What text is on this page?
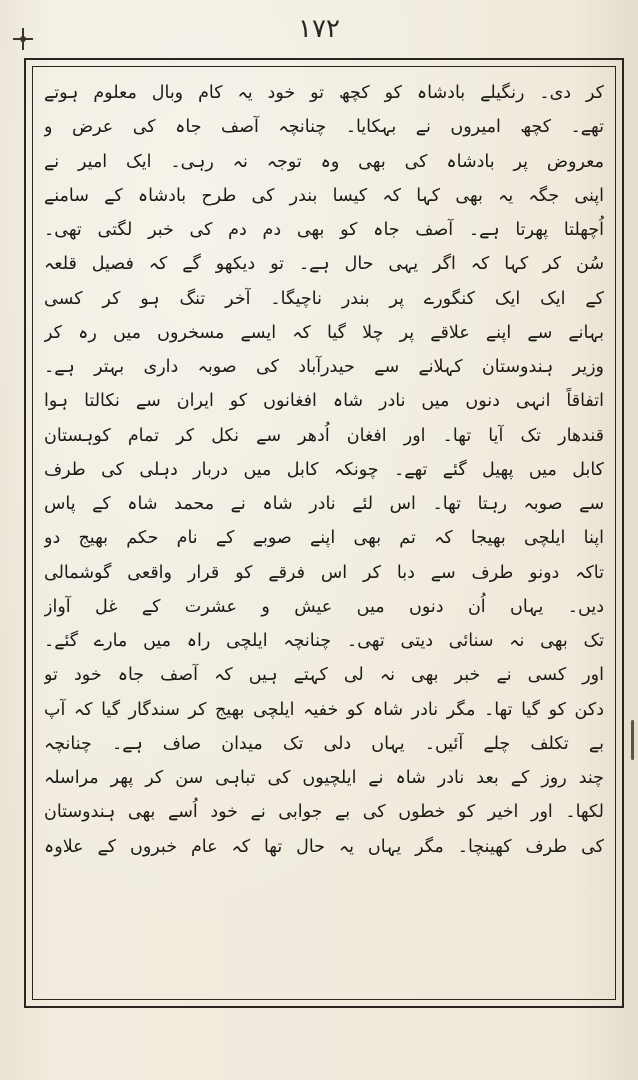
۱۷۲
کر دی۔ رنگیلے بادشاہ کو کچھ تو خود یہ کام وبال معلوم ہوتے
تھے۔ کچھ امیروں نے بہکایا۔ چنانچہ آصف جاہ کی عرض و
معروض پر بادشاہ کی بھی وہ توجہ نہ رہی۔ ایک امیر نے
اپنی جگہ یہ بھی کہا کہ کیسا بندر کی طرح بادشاہ کے سامنے
اُچھلتا پھرتا ہے۔ آصف جاہ کو بھی دم دم کی خبر لگتی تھی۔
سُن کر کہا کہ اگر یہی حال ہے۔ تو دیکھو گے کہ فصیل قلعہ
کے ایک ایک کنگورے پر بندر ناچیگا۔ آخر تنگ ہو کر کسی
بہانے سے اپنے علاقے پر چلا گیا کہ ایسے مسخروں میں رہ کر
وزیر ہندوستان کہلانے سے حیدرآباد کی صوبہ داری بہتر ہے۔
اتفاقاً انہی دنوں میں نادر شاہ افغانوں کو ایران سے نکالتا ہوا
قندھار تک آیا تھا۔ اور افغان اُدھر سے نکل کر تمام کوہستان
کابل میں پھیل گئے تھے۔ چونکہ کابل میں دربار دہلی کی طرف
سے صوبہ رہتا تھا۔ اس لئے نادر شاہ نے محمد شاہ کے پاس
اپنا ایلچی بھیجا کہ تم بھی اپنے صوبے کے نام حکم بھیج دو
تاکہ دونو طرف سے دبا کر اس فرقے کو قرار واقعی گوشمالی
دیں۔ یہاں اُن دنوں میں عیش و عشرت کے غل آواز
تک بھی نہ سنائی دیتی تھی۔ چنانچہ ایلچی راہ میں مارے گئے۔
اور کسی نے خبر بھی نہ لی کہتے ہیں کہ آصف جاہ خود تو
دکن کو گیا تھا۔ مگر نادر شاہ کو خفیہ ایلچی بھیج کر سندگار گیا کہ آپ
بے تکلف چلے آئیں۔ یہاں دلی تک میدان صاف ہے۔ چنانچہ
چند روز کے بعد نادر شاہ نے ایلچیوں کی تباہی سن کر پھر مراسلہ
لکھا۔ اور اخیر کو خطوں کی بے جوابی نے خود اُسے بھی ہندوستان
کی طرف کھینچا۔ مگر یہاں یہ حال تھا کہ عام خبروں کے علاوہ
